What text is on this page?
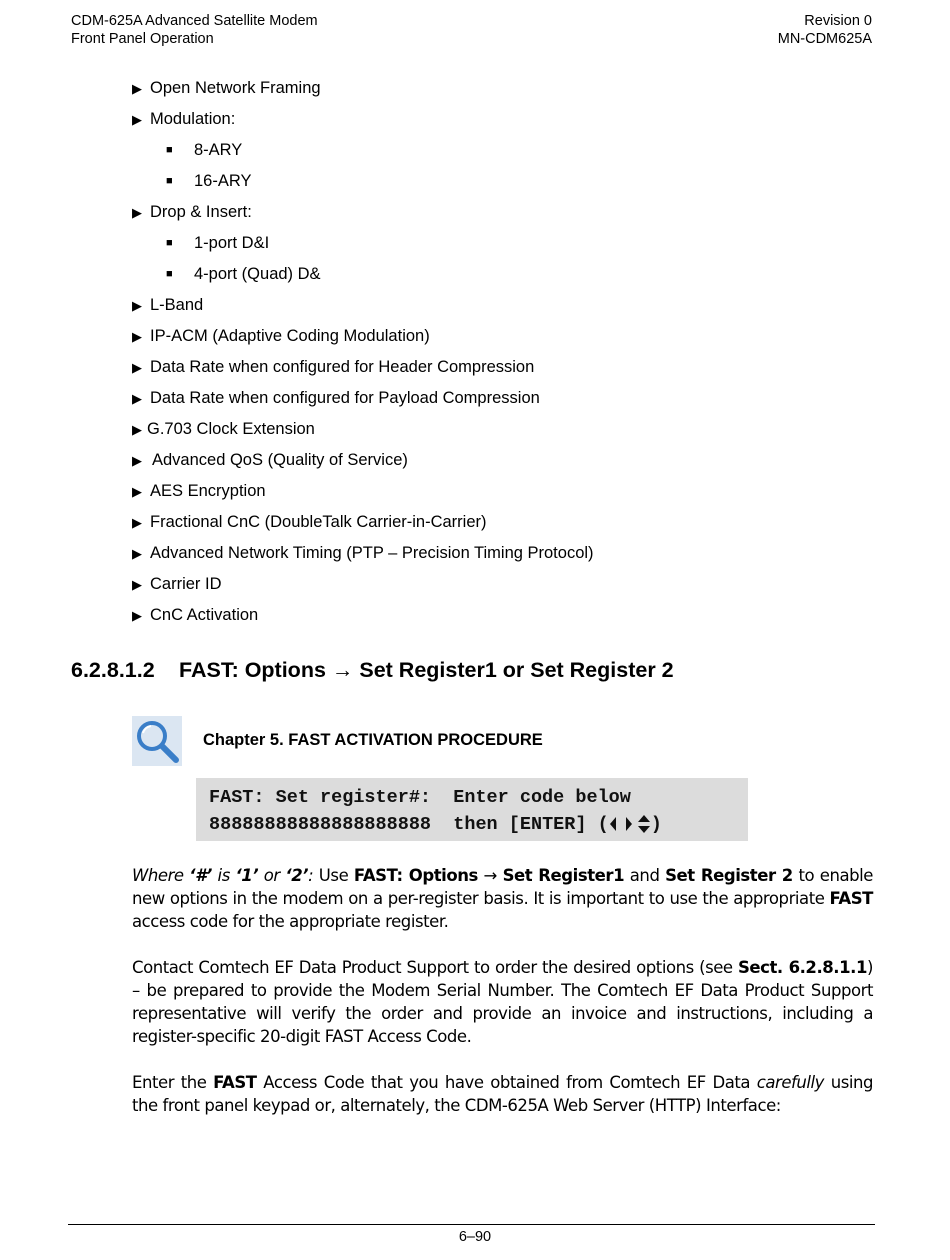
CDM-625A Advanced Satellite Modem
Front Panel Operation
Revision 0
MN-CDM625A
▶ Open Network Framing
▶ Modulation:
■ 8-ARY
■ 16-ARY
▶ Drop & Insert:
■ 1-port D&I
■ 4-port (Quad) D&
▶ L-Band
▶ IP-ACM (Adaptive Coding Modulation)
▶ Data Rate when configured for Header Compression
▶ Data Rate when configured for Payload Compression
▶ G.703 Clock Extension
▶ Advanced QoS (Quality of Service)
▶ AES Encryption
▶ Fractional CnC (DoubleTalk Carrier-in-Carrier)
▶ Advanced Network Timing (PTP – Precision Timing Protocol)
▶ Carrier ID
▶ CnC Activation
6.2.8.1.2 FAST: Options → Set Register1 or Set Register 2
Chapter 5. FAST ACTIVATION PROCEDURE
FAST: Set register#:  Enter code below
88888888888888888888  then [ENTER] ( )
Where ‘#’ is ‘1’ or ‘2’: Use FAST: Options → Set Register1 and Set Register 2 to enable new options in the modem on a per-register basis. It is important to use the appropriate FAST access code for the appropriate register.
Contact Comtech EF Data Product Support to order the desired options (see Sect. 6.2.8.1.1) – be prepared to provide the Modem Serial Number. The Comtech EF Data Product Support representative will verify the order and provide an invoice and instructions, including a register-specific 20-digit FAST Access Code.
Enter the FAST Access Code that you have obtained from Comtech EF Data carefully using the front panel keypad or, alternately, the CDM-625A Web Server (HTTP) Interface:
6–90
